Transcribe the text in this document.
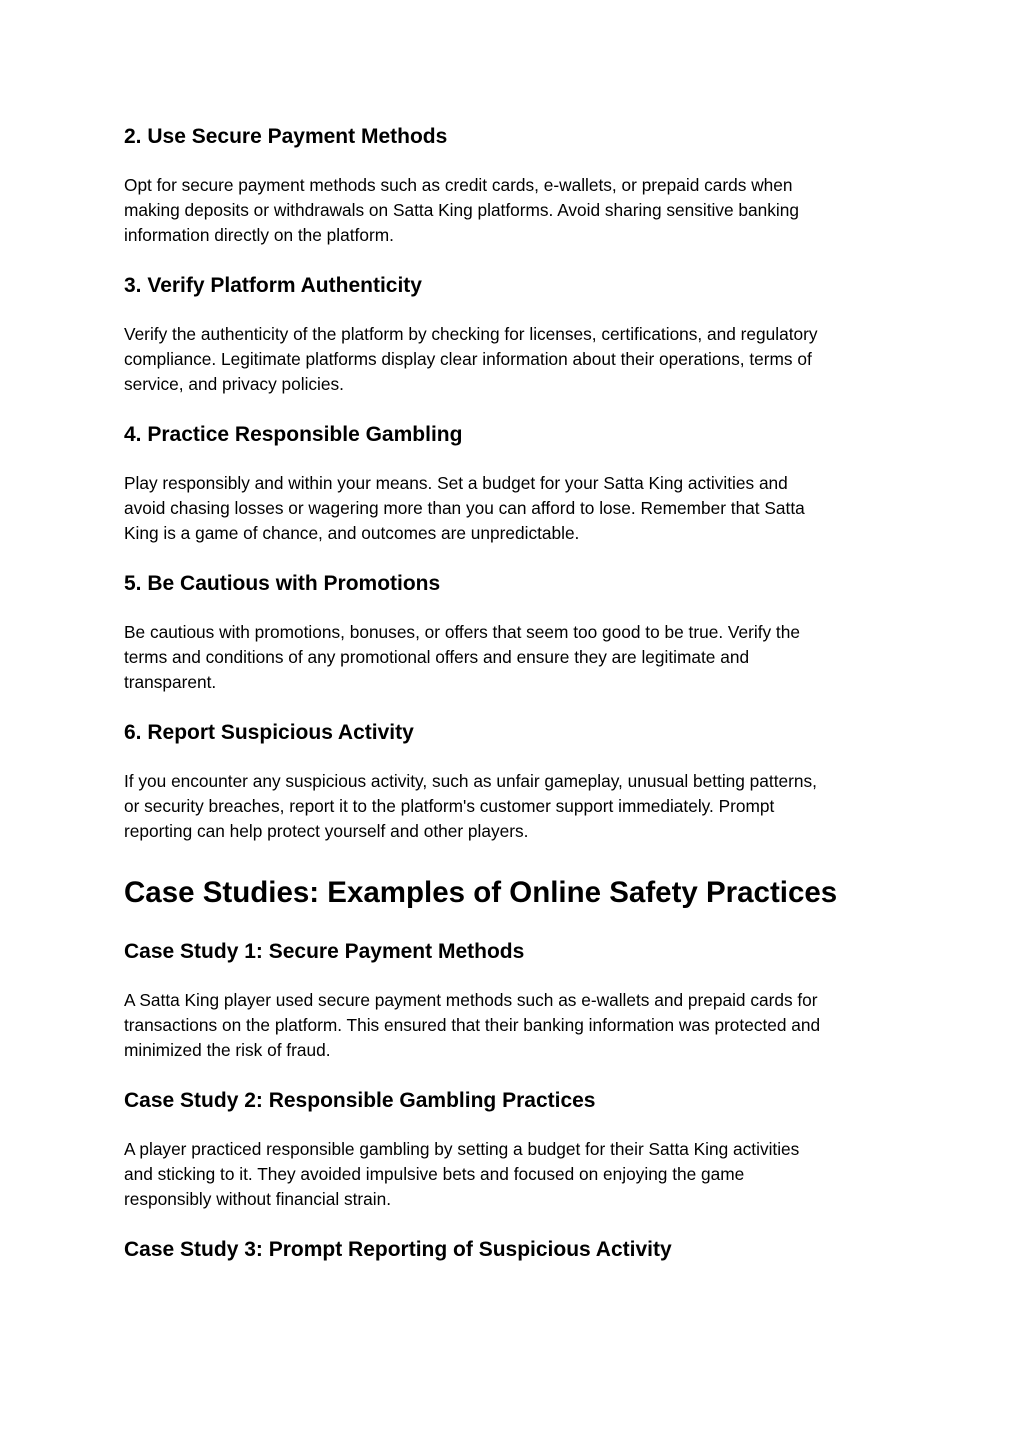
2. Use Secure Payment Methods
Opt for secure payment methods such as credit cards, e-wallets, or prepaid cards when
making deposits or withdrawals on Satta King platforms. Avoid sharing sensitive banking
information directly on the platform.
3. Verify Platform Authenticity
Verify the authenticity of the platform by checking for licenses, certifications, and regulatory
compliance. Legitimate platforms display clear information about their operations, terms of
service, and privacy policies.
4. Practice Responsible Gambling
Play responsibly and within your means. Set a budget for your Satta King activities and
avoid chasing losses or wagering more than you can afford to lose. Remember that Satta
King is a game of chance, and outcomes are unpredictable.
5. Be Cautious with Promotions
Be cautious with promotions, bonuses, or offers that seem too good to be true. Verify the
terms and conditions of any promotional offers and ensure they are legitimate and
transparent.
6. Report Suspicious Activity
If you encounter any suspicious activity, such as unfair gameplay, unusual betting patterns,
or security breaches, report it to the platform's customer support immediately. Prompt
reporting can help protect yourself and other players.
Case Studies: Examples of Online Safety Practices
Case Study 1: Secure Payment Methods
A Satta King player used secure payment methods such as e-wallets and prepaid cards for
transactions on the platform. This ensured that their banking information was protected and
minimized the risk of fraud.
Case Study 2: Responsible Gambling Practices
A player practiced responsible gambling by setting a budget for their Satta King activities
and sticking to it. They avoided impulsive bets and focused on enjoying the game
responsibly without financial strain.
Case Study 3: Prompt Reporting of Suspicious Activity
